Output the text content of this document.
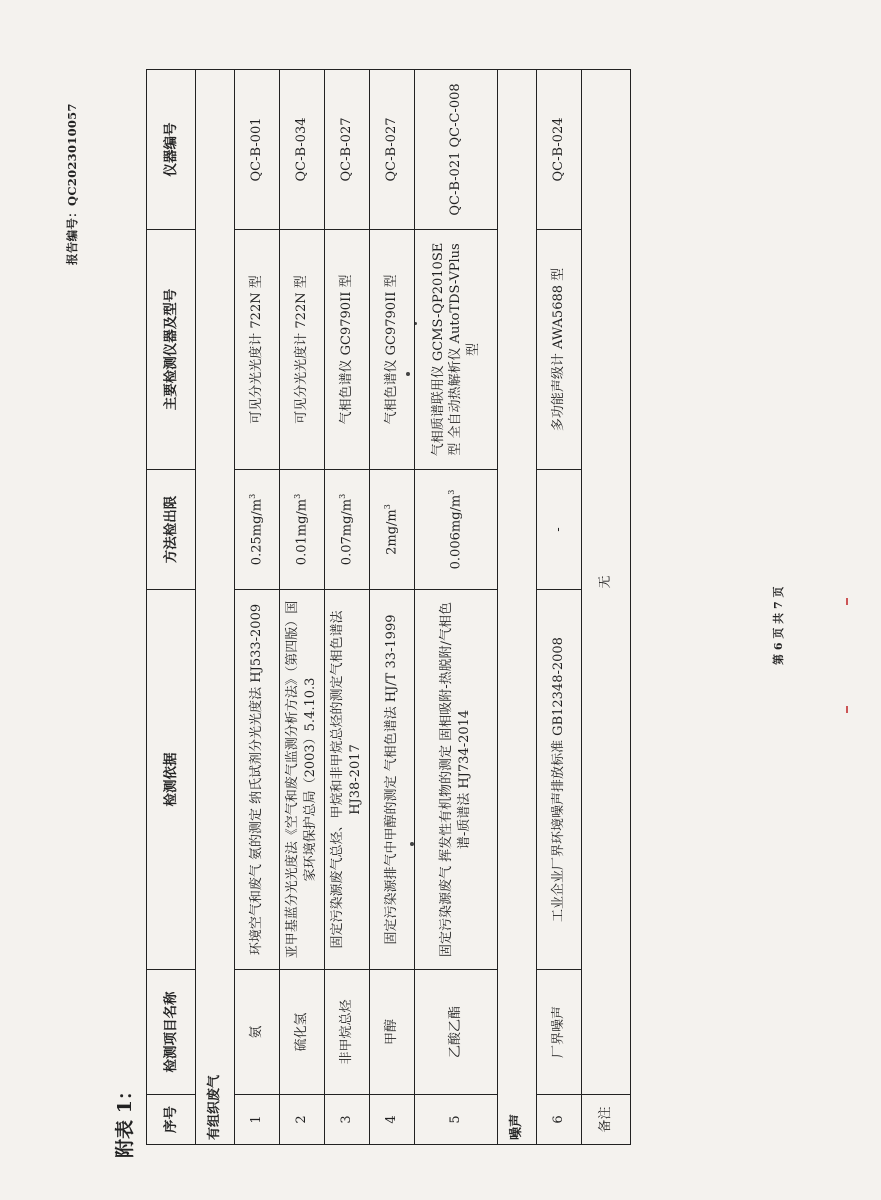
报告编号：QC2023010057
附表 1： 序号	检测项目名称	检测依据	方法检出限	主要检测仪器及型号	仪器编号
有组织废气					
1	氨	环境空气和废气 氨的测定 纳氏试剂分光光度法 HJ533-2009	$0.25mg/m^3$	可见分光光度计 722N 型	QC-B-001
2	硫化氢	亚甲基蓝分光光度法《空气和废气监测分析方法》（第四版）国家环境保护总局（2003）5.4.10.3	$0.01mg/m^3$	可见分光光度计 722N 型	QC-B-034
3	非甲烷总烃	固定污染源废气总烃、甲烷和非甲烷总烃的测定气相色谱法 HJ38-2017	$0.07mg/m^3$	气相色谱仪 GC9790II 型	QC-B-027
4	甲醇	固定污染源排气中甲醇的测定 气相色谱法 HJ/T 33-1999	$2mg/m^3$	气相色谱仪 GC9790II 型	QC-B-027
5	乙酸乙酯	固定污染源废气 挥发性有机物的测定 固相吸附-热脱附/气相色谱-质谱法 HJ734-2014	$0.006mg/m^3$	气相质谱联用仪 GCMS-QP2010SE 型 全自动热解析仪 AutoTDS-VPlus 型	QC-B-021 QC-C-008
噪声					
6	厂界噪声	工业企业厂界环境噪声排放标准 GB12348-2008	-	多功能声级计 AWA5688 型	QC-B-024
备注	无				
第 6 页 共 7 页
